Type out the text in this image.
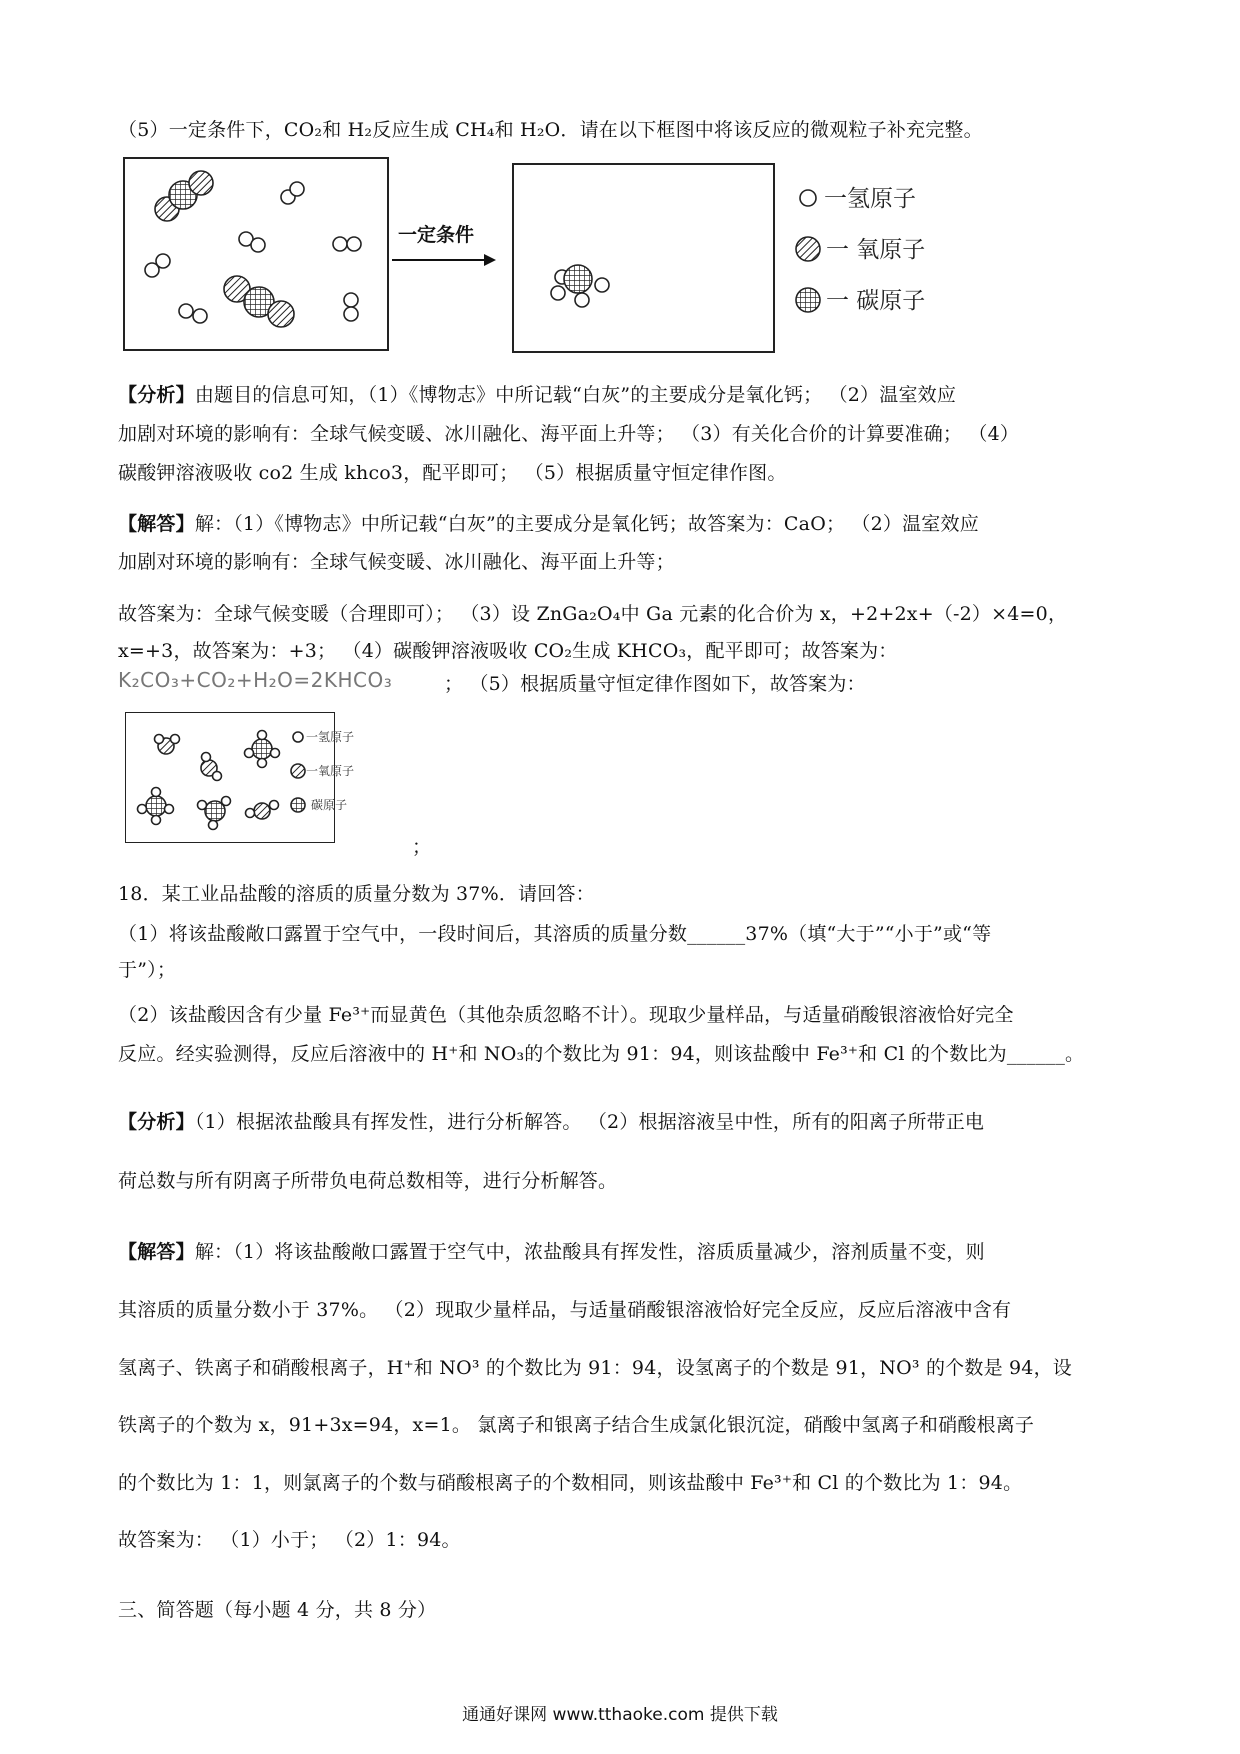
（5）一定条件下，CO₂和 H₂反应生成 CH₄和 H₂O．请在以下框图中将该反应的微观粒子补充完整。
一定条件
一氢原子
一 氧原子
一 碳原子
【分析】由题目的信息可知，（1）《博物志》中所记载“白灰”的主要成分是氧化钙； （2）温室效应
加剧对环境的影响有：全球气候变暖、冰川融化、海平面上升等； （3）有关化合价的计算要准确； （4）
碳酸钾溶液吸收 co2 生成 khco3，配平即可； （5）根据质量守恒定律作图。
【解答】解：（1）《博物志》中所记载“白灰”的主要成分是氧化钙；故答案为：CaO； （2）温室效应
加剧对环境的影响有：全球气候变暖、冰川融化、海平面上升等；
故答案为：全球气候变暖（合理即可）； （3）设 ZnGa₂O₄中 Ga 元素的化合价为 x，+2+2x+（-2）×4=0，
x=+3，故答案为：+3； （4）碳酸钾溶液吸收 CO₂生成 KHCO₃，配平即可；故答案为：
K₂CO₃+CO₂+H₂O=2KHCO₃	； （5）根据质量守恒定律作图如下，故答案为：
一氢原子
一氧原子
碳原子
；
18．某工业品盐酸的溶质的质量分数为 37%．请回答：
（1）将该盐酸敞口露置于空气中，一段时间后，其溶质的质量分数______37%（填“大于”“小于”或“等
于”）；
（2）该盐酸因含有少量 Fe³⁺而显黄色（其他杂质忽略不计）。现取少量样品，与适量硝酸银溶液恰好完全
反应。经实验测得，反应后溶液中的 H⁺和 NO₃的个数比为 91：94，则该盐酸中 Fe³⁺和 Cl 的个数比为______。
【分析】（1）根据浓盐酸具有挥发性，进行分析解答。 （2）根据溶液呈中性，所有的阳离子所带正电
荷总数与所有阴离子所带负电荷总数相等，进行分析解答。
【解答】解：（1）将该盐酸敞口露置于空气中，浓盐酸具有挥发性，溶质质量减少，溶剂质量不变，则
其溶质的质量分数小于 37%。 （2）现取少量样品，与适量硝酸银溶液恰好完全反应，反应后溶液中含有
氢离子、铁离子和硝酸根离子，H⁺和 NO³ 的个数比为 91：94，设氢离子的个数是 91，NO³ 的个数是 94，设
铁离子的个数为 x，91+3x=94，x=1。 氯离子和银离子结合生成氯化银沉淀，硝酸中氢离子和硝酸根离子
的个数比为 1：1，则氯离子的个数与硝酸根离子的个数相同，则该盐酸中 Fe³⁺和 Cl 的个数比为 1：94。
故答案为： （1）小于； （2）1：94。
三、简答题（每小题 4 分，共 8 分）
通通好课网 www.tthaoke.com 提供下载
